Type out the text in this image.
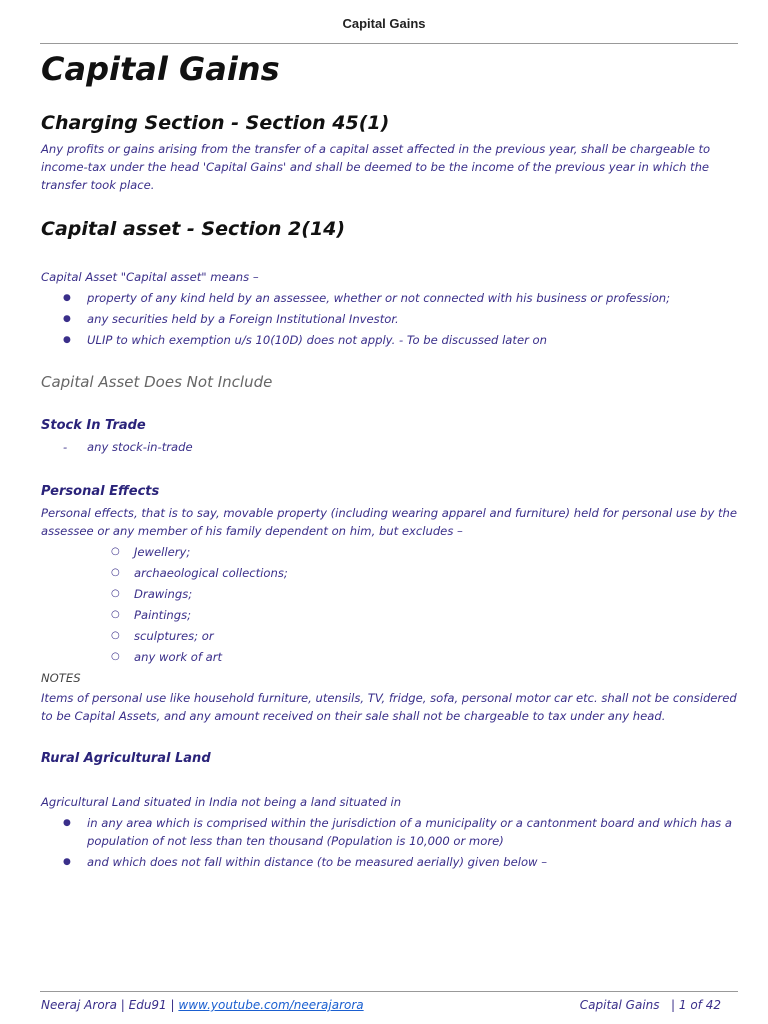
Capital Gains
Capital Gains
Charging Section - Section 45(1)

Any profits or gains arising from the transfer of a capital asset affected in the previous year, shall be chargeable to income-tax under the head 'Capital Gains' and shall be deemed to be the income of the previous year in which the transfer took place.

Capital asset - Section 2(14)

Capital Asset "Capital asset" means –

● property of any kind held by an assessee, whether or not connected with his business or profession;
● any securities held by a Foreign Institutional Investor.
● ULIP to which exemption u/s 10(10D) does not apply. - To be discussed later on

Capital Asset Does Not Include

Stock In Trade

- any stock-in-trade

Personal Effects

Personal effects, that is to say, movable property (including wearing apparel and furniture) held for personal use by the assessee or any member of his family dependent on him, but excludes –

○ Jewellery;
○ archaeological collections;
○ Drawings;
○ Paintings;
○ sculptures; or
○ any work of art

NOTES

Items of personal use like household furniture, utensils, TV, fridge, sofa, personal motor car etc. shall not be considered to be Capital Assets, and any amount received on their sale shall not be chargeable to tax under any head.

Rural Agricultural Land

Agricultural Land situated in India not being a land situated in

● in any area which is comprised within the jurisdiction of a municipality or a cantonment board and which has a population of not less than ten thousand (Population is 10,000 or more)
● and which does not fall within distance (to be measured aerially) given below –
Neeraj Arora | Edu91 | www.youtube.com/neerajarora	Capital Gains | 1 of 42
